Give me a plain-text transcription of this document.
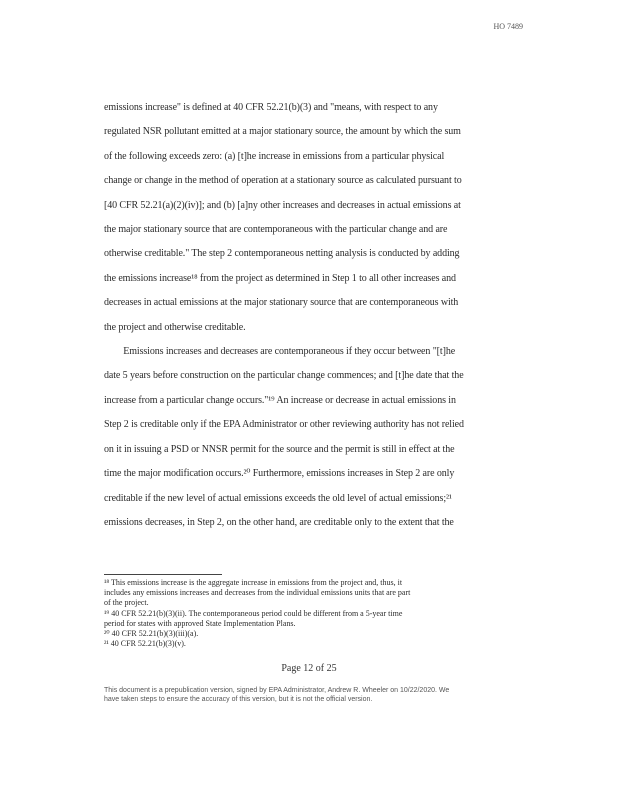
HO 7489
emissions increase" is defined at 40 CFR 52.21(b)(3) and "means, with respect to any
regulated NSR pollutant emitted at a major stationary source, the amount by which the sum
of the following exceeds zero: (a) [t]he increase in emissions from a particular physical
change or change in the method of operation at a stationary source as calculated pursuant to
[40 CFR 52.21(a)(2)(iv)]; and (b) [a]ny other increases and decreases in actual emissions at
the major stationary source that are contemporaneous with the particular change and are
otherwise creditable." The step 2 contemporaneous netting analysis is conducted by adding
the emissions increase¹⁸ from the project as determined in Step 1 to all other increases and
decreases in actual emissions at the major stationary source that are contemporaneous with
the project and otherwise creditable.
Emissions increases and decreases are contemporaneous if they occur between "[t]he
date 5 years before construction on the particular change commences; and [t]he date that the
increase from a particular change occurs."¹⁹ An increase or decrease in actual emissions in
Step 2 is creditable only if the EPA Administrator or other reviewing authority has not relied
on it in issuing a PSD or NNSR permit for the source and the permit is still in effect at the
time the major modification occurs.²⁰ Furthermore, emissions increases in Step 2 are only
creditable if the new level of actual emissions exceeds the old level of actual emissions;²¹
emissions decreases, in Step 2, on the other hand, are creditable only to the extent that the
¹⁸ This emissions increase is the aggregate increase in emissions from the project and, thus, it
includes any emissions increases and decreases from the individual emissions units that are part
of the project.
¹⁹ 40 CFR 52.21(b)(3)(ii). The contemporaneous period could be different from a 5-year time
period for states with approved State Implementation Plans.
²⁰ 40 CFR 52.21(b)(3)(iii)(a).
²¹ 40 CFR 52.21(b)(3)(v).
Page 12 of 25
This document is a prepublication version, signed by EPA Administrator, Andrew R. Wheeler on 10/22/2020. We
have taken steps to ensure the accuracy of this version, but it is not the official version.
